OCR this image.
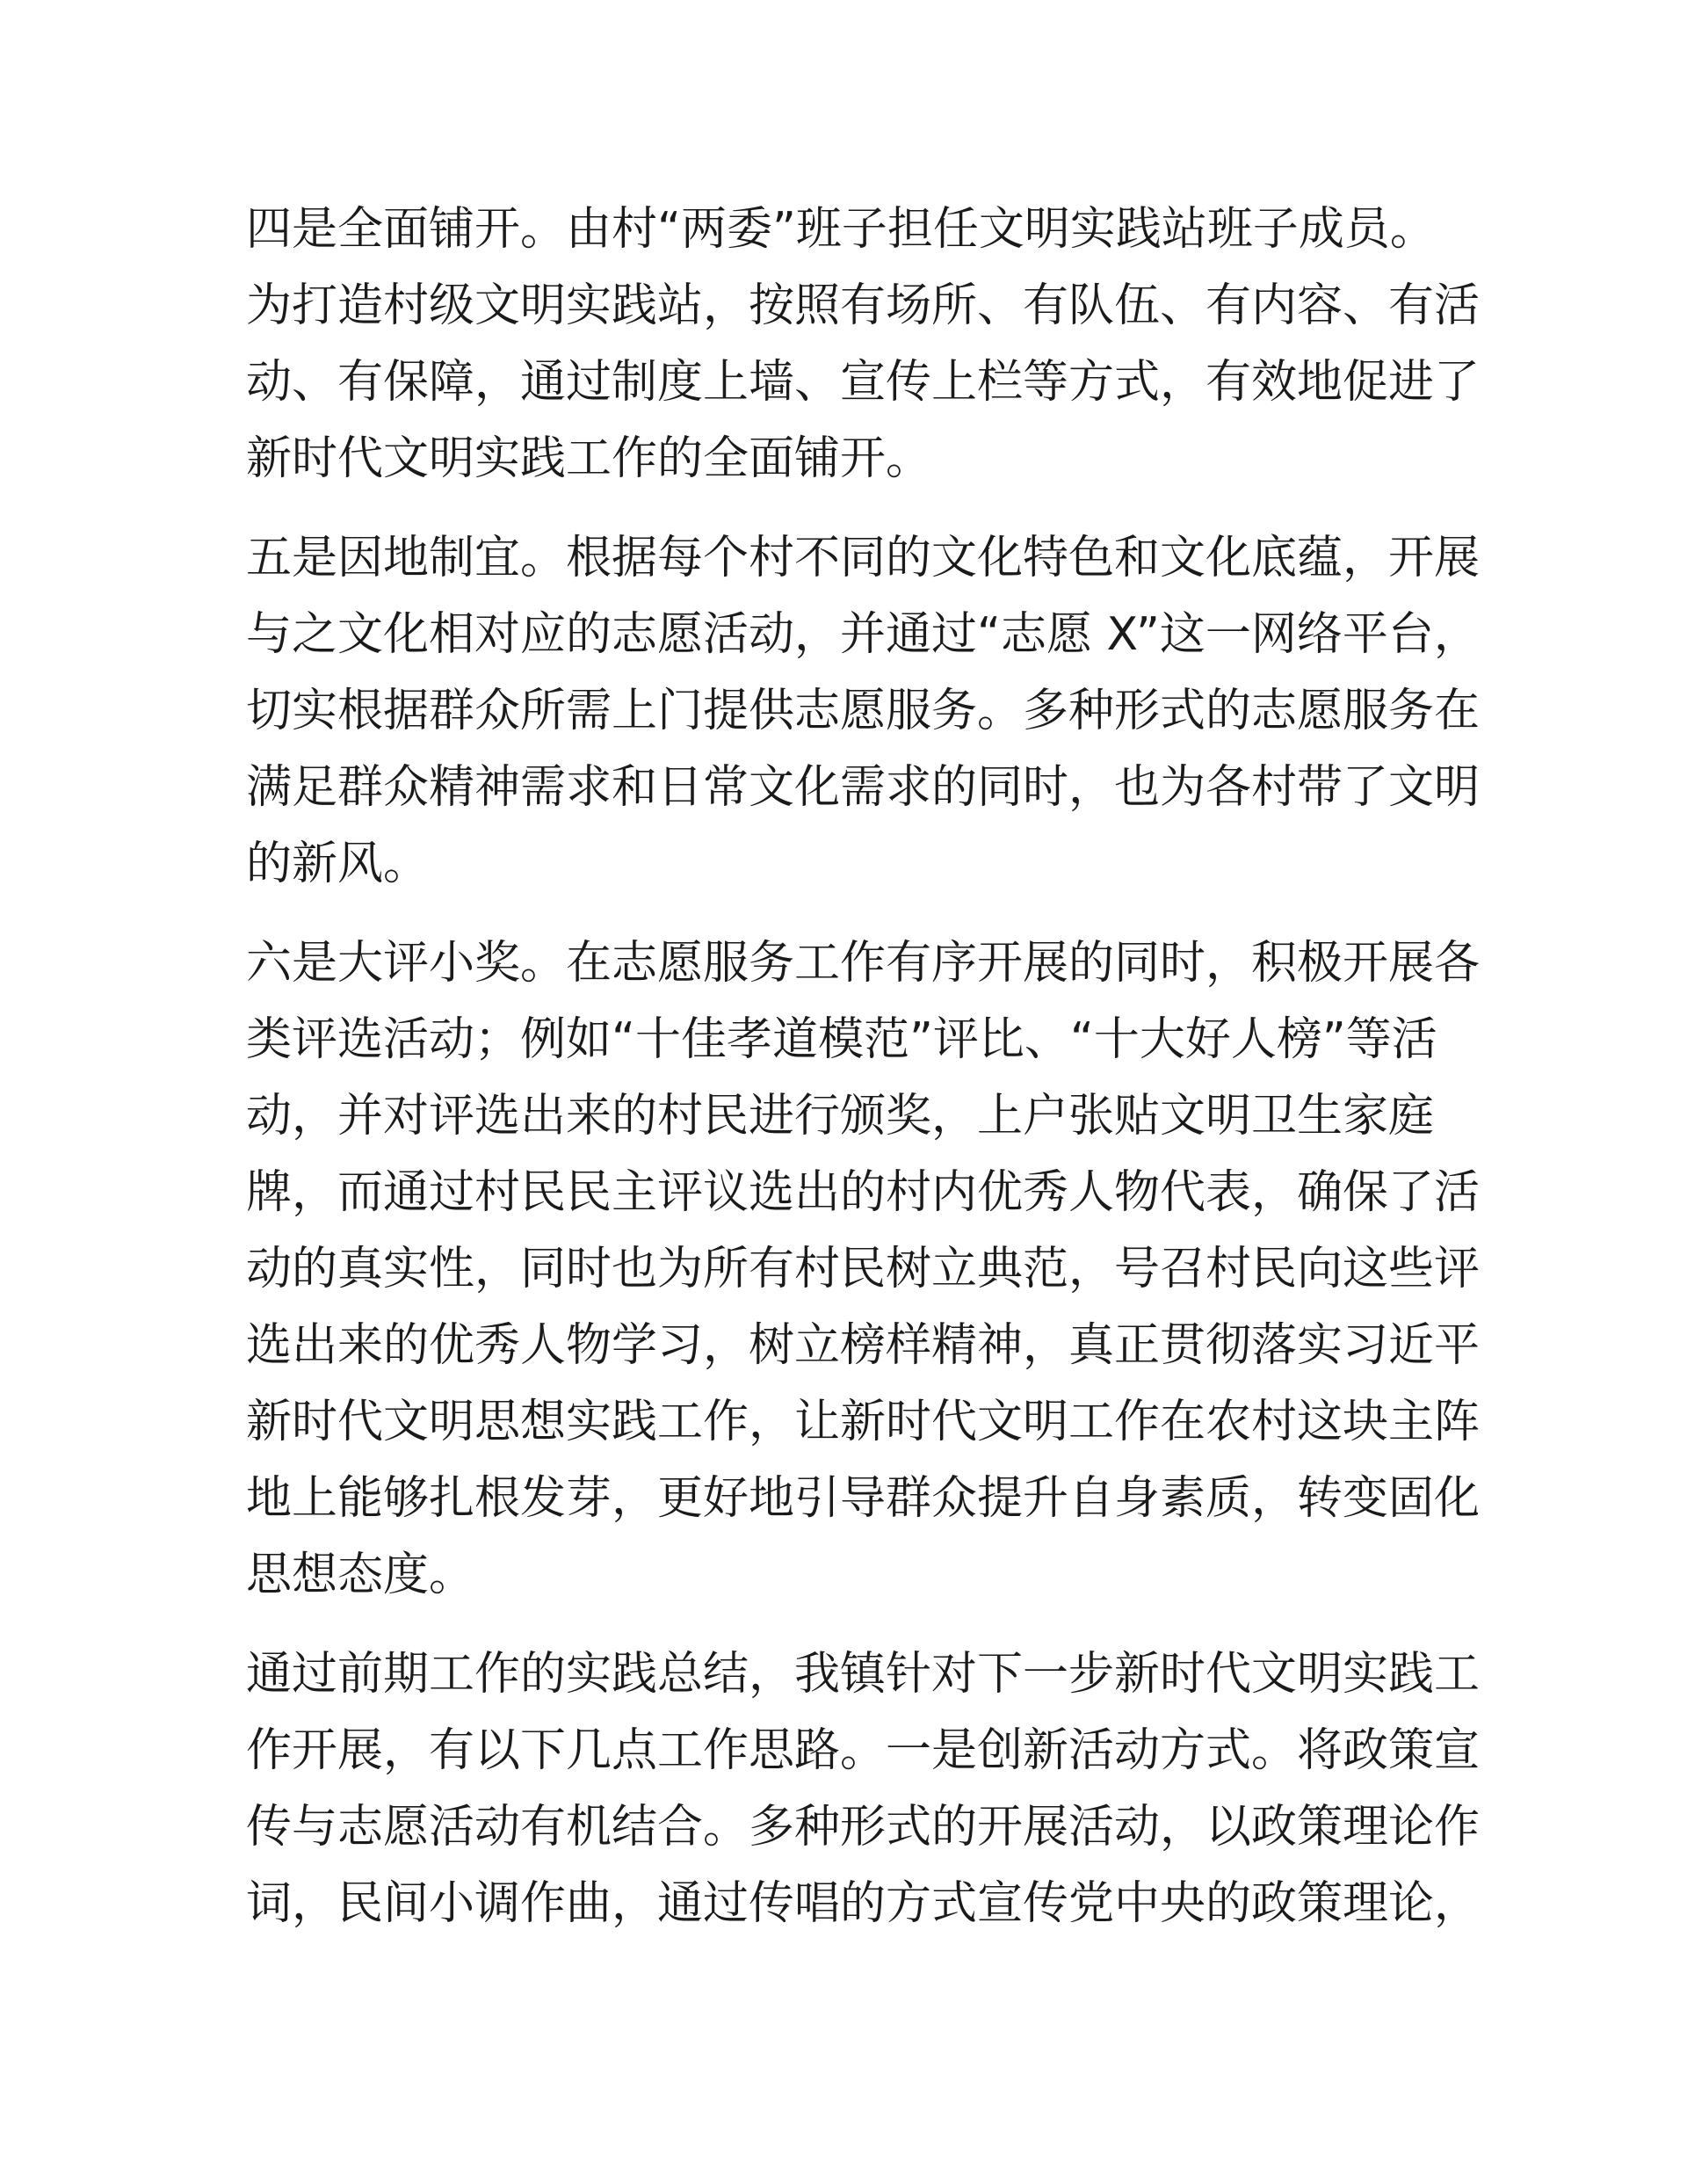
四是全面铺开。由村“两委”班子担任文明实践站班子成员。
为打造村级文明实践站，按照有场所、有队伍、有内容、有活
动、有保障，通过制度上墙、宣传上栏等方式，有效地促进了
新时代文明实践工作的全面铺开。

五是因地制宜。根据每个村不同的文化特色和文化底蕴，开展
与之文化相对应的志愿活动，并通过“志愿 X”这一网络平台，
切实根据群众所需上门提供志愿服务。多种形式的志愿服务在
满足群众精神需求和日常文化需求的同时，也为各村带了文明
的新风。

六是大评小奖。在志愿服务工作有序开展的同时，积极开展各
类评选活动；例如“十佳孝道模范”评比、“十大好人榜”等活
动，并对评选出来的村民进行颁奖，上户张贴文明卫生家庭
牌，而通过村民民主评议选出的村内优秀人物代表，确保了活
动的真实性，同时也为所有村民树立典范，号召村民向这些评
选出来的优秀人物学习，树立榜样精神，真正贯彻落实习近平
新时代文明思想实践工作，让新时代文明工作在农村这块主阵
地上能够扎根发芽，更好地引导群众提升自身素质，转变固化
思想态度。

通过前期工作的实践总结，我镇针对下一步新时代文明实践工
作开展，有以下几点工作思路。一是创新活动方式。将政策宣
传与志愿活动有机结合。多种形式的开展活动，以政策理论作
词，民间小调作曲，通过传唱的方式宣传党中央的政策理论，
